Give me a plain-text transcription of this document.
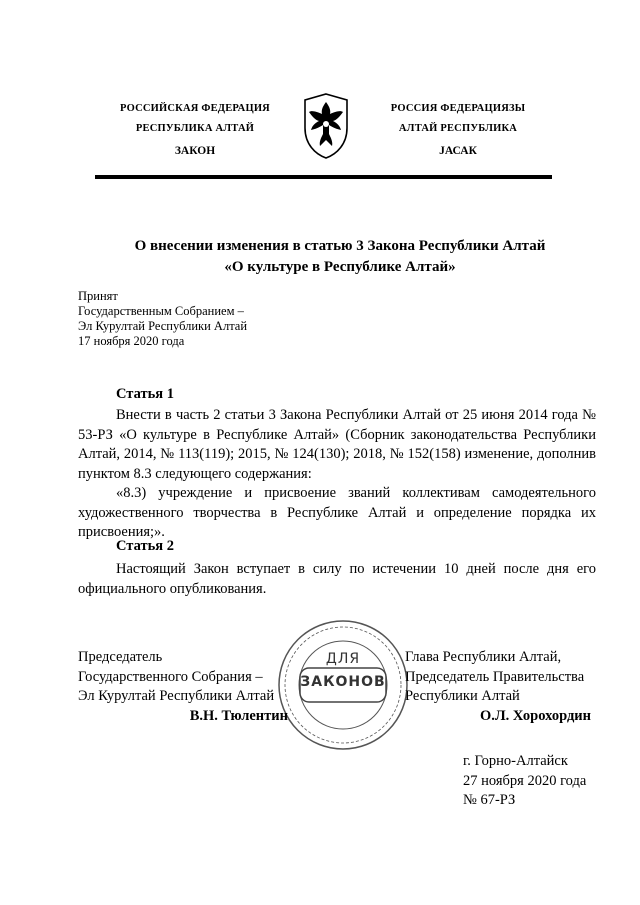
РОССИЙСКАЯ ФЕДЕРАЦИЯ
РЕСПУБЛИКА АЛТАЙ
ЗАКОН
РОССИЯ ФЕДЕРАЦИЯЗЫ
АЛТАЙ РЕСПУБЛИКА
ЈАСАК
О внесении изменения в статью 3 Закона Республики Алтай
«О культуре в Республике Алтай»
Принят
Государственным Собранием –
Эл Курултай Республики Алтай
17 ноября 2020 года
Статья 1

Внести в часть 2 статьи 3 Закона Республики Алтай от 25 июня 2014 года № 53-РЗ «О культуре в Республике Алтай» (Сборник законодательства Республики Алтай, 2014, № 113(119); 2015, № 124(130); 2018, № 152(158) изменение, дополнив пунктом 8.3 следующего содержания:

«8.3) учреждение и присвоение званий коллективам самодеятельного художественного творчества в Республике Алтай и определение порядка их присвоения;».

Статья 2

Настоящий Закон вступает в силу по истечении 10 дней после дня его официального опубликования.

ДЛЯ
ЗАКОНОВ
Председатель
Государственного Собрания –
Эл Курултай Республики Алтай
В.Н. Тюлентин
Глава Республики Алтай,
Председатель Правительства
Республики Алтай
О.Л. Хорохордин
г. Горно-Алтайск
27 ноября 2020 года
№ 67-РЗ
